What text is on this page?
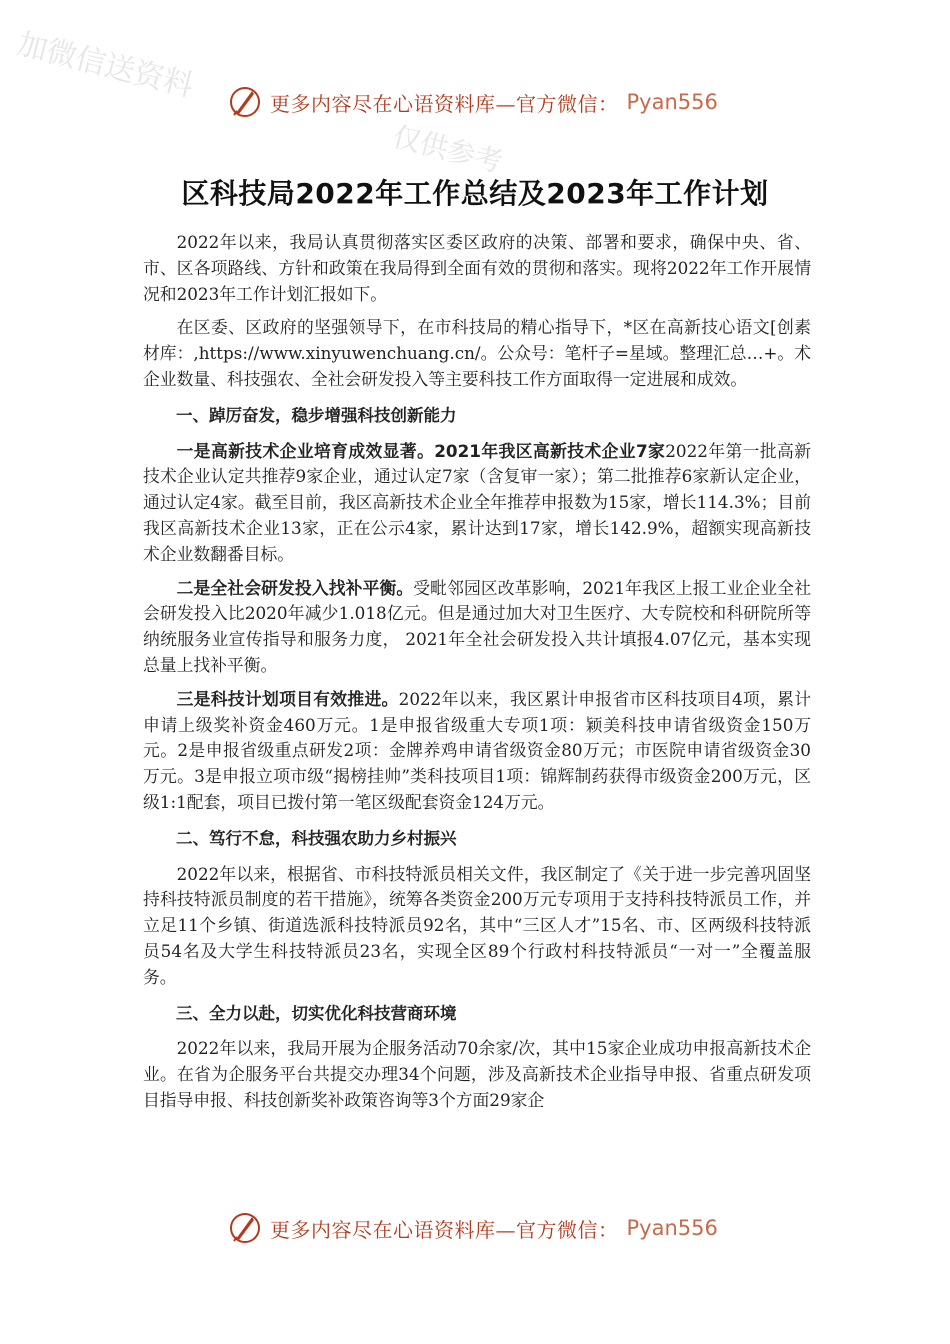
加微信送资料
仅供参考
更多内容尽在心语资料库—官方微信： Pyan556
区科技局2022年工作总结及2023年工作计划

2022年以来，我局认真贯彻落实区委区政府的决策、部署和要求，确保中央、省、市、区各项路线、方针和政策在我局得到全面有效的贯彻和落实。现将2022年工作开展情况和2023年工作计划汇报如下。

在区委、区政府的坚强领导下，在市科技局的精心指导下，*区在高新技心语文[创素材库：,https://www.xinyuwenchuang.cn/。公众号：笔杆子=星域。整理汇总…+。术企业数量、科技强农、全社会研发投入等主要科技工作方面取得一定进展和成效。

一、踔厉奋发，稳步增强科技创新能力

一是高新技术企业培育成效显著。2021年我区高新技术企业7家2022年第一批高新技术企业认定共推荐9家企业，通过认定7家（含复审一家）；第二批推荐6家新认定企业，通过认定4家。截至目前，我区高新技术企业全年推荐申报数为15家，增长114.3%；目前我区高新技术企业13家，正在公示4家，累计达到17家，增长142.9%，超额实现高新技术企业数翻番目标。

二是全社会研发投入找补平衡。受毗邻园区改革影响，2021年我区上报工业企业全社会研发投入比2020年减少1.018亿元。但是通过加大对卫生医疗、大专院校和科研院所等纳统服务业宣传指导和服务力度， 2021年全社会研发投入共计填报4.07亿元，基本实现总量上找补平衡。

三是科技计划项目有效推进。2022年以来，我区累计申报省市区科技项目4项，累计申请上级奖补资金460万元。1是申报省级重大专项1项：颖美科技申请省级资金150万元。2是申报省级重点研发2项：金牌养鸡申请省级资金80万元；市医院申请省级资金30万元。3是申报立项市级“揭榜挂帅”类科技项目1项：锦辉制药获得市级资金200万元，区级1:1配套，项目已拨付第一笔区级配套资金124万元。

二、笃行不怠，科技强农助力乡村振兴

2022年以来，根据省、市科技特派员相关文件，我区制定了《关于进一步完善巩固坚持科技特派员制度的若干措施》，统筹各类资金200万元专项用于支持科技特派员工作，并立足11个乡镇、街道选派科技特派员92名，其中“三区人才”15名、市、区两级科技特派员54名及大学生科技特派员23名，实现全区89个行政村科技特派员“一对一”全覆盖服务。

三、全力以赴，切实优化科技营商环境

2022年以来，我局开展为企服务活动70余家/次，其中15家企业成功申报高新技术企业。在省为企服务平台共提交办理34个问题，涉及高新技术企业指导申报、省重点研发项目指导申报、科技创新奖补政策咨询等3个方面29家企

更多内容尽在心语资料库—官方微信： Pyan556
